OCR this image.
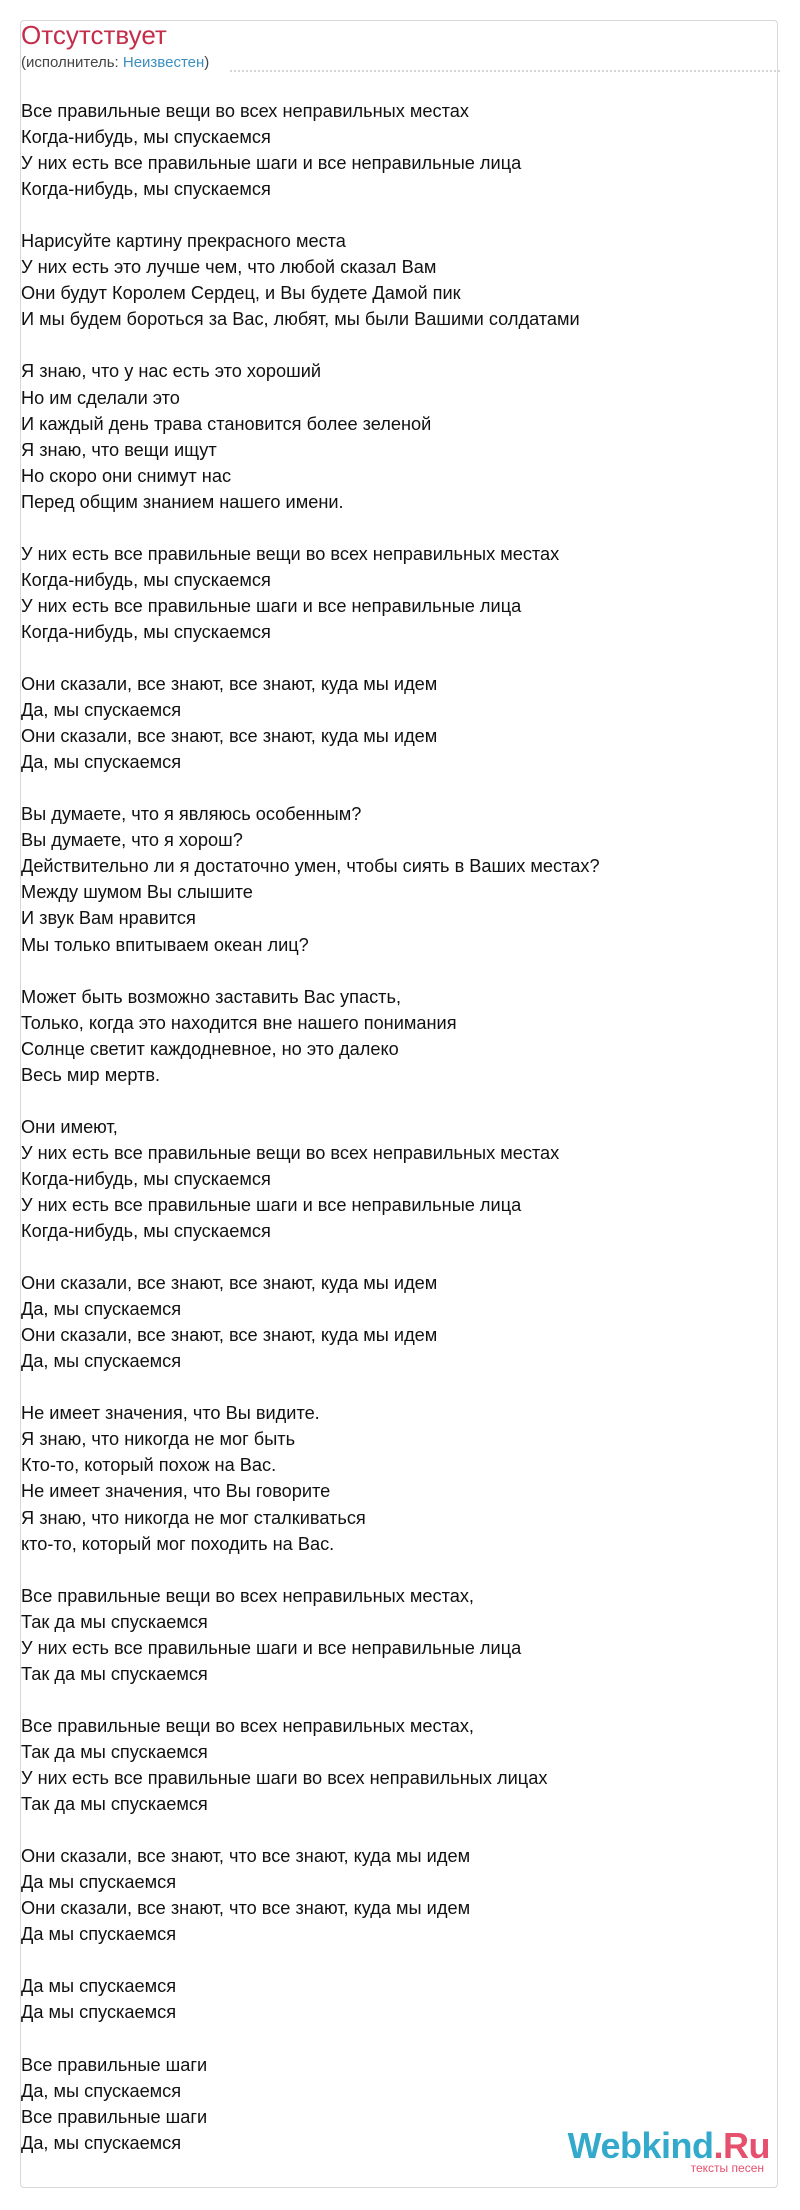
Отсутствует
(исполнитель: Неизвестен)
Все правильные вещи во всех неправильных местах
Когда-нибудь, мы спускаемся
У них есть все правильные шаги и все неправильные лица
Когда-нибудь, мы спускаемся
Нарисуйте картину прекрасного места
У них есть это лучше чем, что любой сказал Вам
Они будут Королем Сердец, и Вы будете Дамой пик
И мы будем бороться за Вас, любят, мы были Вашими солдатами
Я знаю, что у нас есть это хороший
Но им сделали это
И каждый день трава становится более зеленой
Я знаю, что вещи ищут
Но скоро они снимут нас
Перед общим знанием нашего имени.
У них есть все правильные вещи во всех неправильных местах
Когда-нибудь, мы спускаемся
У них есть все правильные шаги и все неправильные лица
Когда-нибудь, мы спускаемся
Они сказали, все знают, все знают, куда мы идем
Да, мы спускаемся
Они сказали, все знают, все знают, куда мы идем
Да, мы спускаемся
Вы думаете, что я являюсь особенным?
Вы думаете, что я хорош?
Действительно ли я достаточно умен, чтобы сиять в Ваших местах?
Между шумом Вы слышите
И звук Вам нравится
Мы только впитываем океан лиц?
Может быть возможно заставить Вас упасть,
Только, когда это находится вне нашего понимания
Солнце светит каждодневное, но это далеко
Весь мир мертв.
Они имеют,
У них есть все правильные вещи во всех неправильных местах
Когда-нибудь, мы спускаемся
У них есть все правильные шаги и все неправильные лица
Когда-нибудь, мы спускаемся
Они сказали, все знают, все знают, куда мы идем
Да, мы спускаемся
Они сказали, все знают, все знают, куда мы идем
Да, мы спускаемся
Не имеет значения, что Вы видите.
Я знаю, что никогда не мог быть
Кто-то, который похож на Вас.
Не имеет значения, что Вы говорите
Я знаю, что никогда не мог сталкиваться
кто-то, который мог походить на Вас.
Все правильные вещи во всех неправильных местах,
Так да мы спускаемся
У них есть все правильные шаги и все неправильные лица
Так да мы спускаемся
Все правильные вещи во всех неправильных местах,
Так да мы спускаемся
У них есть все правильные шаги во всех неправильных лицах
Так да мы спускаемся
Они сказали, все знают, что все знают, куда мы идем
Да мы спускаемся
Они сказали, все знают, что все знают, куда мы идем
Да мы спускаемся
Да мы спускаемся
Да мы спускаемся
Все правильные шаги
Да, мы спускаемся
Все правильные шаги
Да, мы спускаемся	Webkind.Ru
тексты песен
